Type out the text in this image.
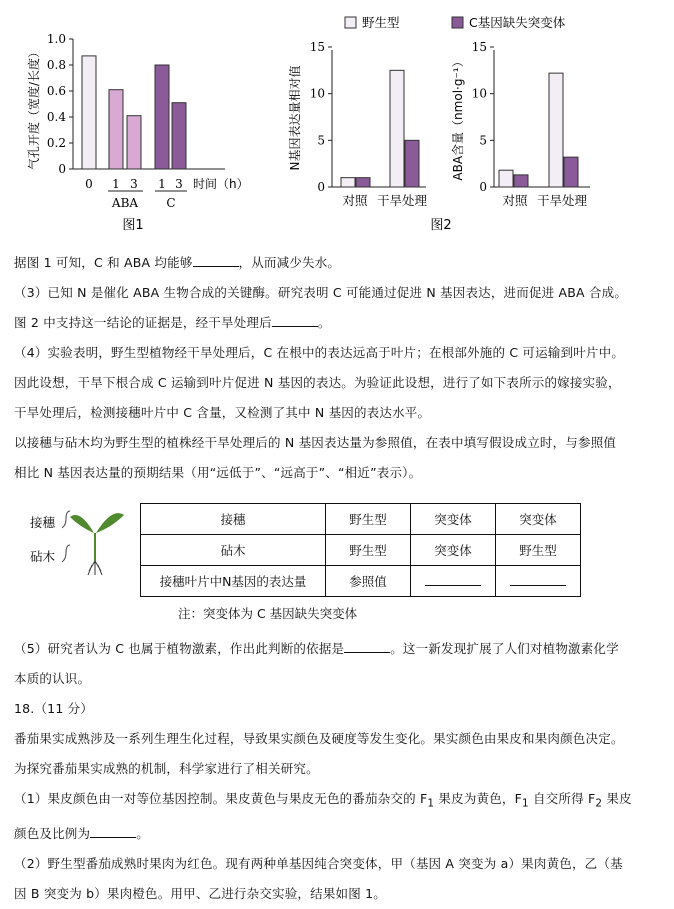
野生型	C基因缺失突变体
气孔开度（宽度/长度） 0
0.2
0.4
0.6
0.8
1.0
0 1 3 1 3
ABA C
时间（h）
图1
N基因表达量相对值
0
5
10
15
对照 干旱处理
ABA含量（nmol·g⁻¹）
0
5
10
15
对照 干旱处理
图2
据图 1 可知，C 和 ABA 均能够	，从而减少失水。
（3）已知 N 是催化 ABA 生物合成的关键酶。研究表明 C 可能通过促进 N 基因表达，进而促进 ABA 合成。
图 2 中支持这一结论的证据是，经干旱处理后	。
（4）实验表明，野生型植物经干旱处理后，C 在根中的表达远高于叶片；在根部外施的 C 可运输到叶片中。
因此设想，干旱下根合成 C 运输到叶片促进 N 基因的表达。为验证此设想，进行了如下表所示的嫁接实验，
干旱处理后，检测接穗叶片中 C 含量，又检测了其中 N 基因的表达水平。
以接穗与砧木均为野生型的植株经干旱处理后的 N 基因表达量为参照值，在表中填写假设成立时，与参照值
相比 N 基因表达量的预期结果（用“远低于”、“远高于”、“相近”表示）。
接穗
砧木
接穗	野生型	突变体	突变体
砧木	野生型	突变体	野生型
接穗叶片中N基因的表达量	参照值		
注：突变体为 C 基因缺失突变体
（5）研究者认为 C 也属于植物激素，作出此判断的依据是	。这一新发现扩展了人们对植物激素化学
本质的认识。
18.（11 分）
番茄果实成熟涉及一系列生理生化过程，导致果实颜色及硬度等发生变化。果实颜色由果皮和果肉颜色决定。
为探究番茄果实成熟的机制，科学家进行了相关研究。
（1）果皮颜色由一对等位基因控制。果皮黄色与果皮无色的番茄杂交的 $F_1$ 果皮为黄色，$F_1$ 自交所得 $F_2$ 果皮
颜色及比例为	。
（2）野生型番茄成熟时果肉为红色。现有两种单基因纯合突变体，甲（基因 A 突变为 a）果肉黄色，乙（基
因 B 突变为 b）果肉橙色。用甲、乙进行杂交实验，结果如图 1。
